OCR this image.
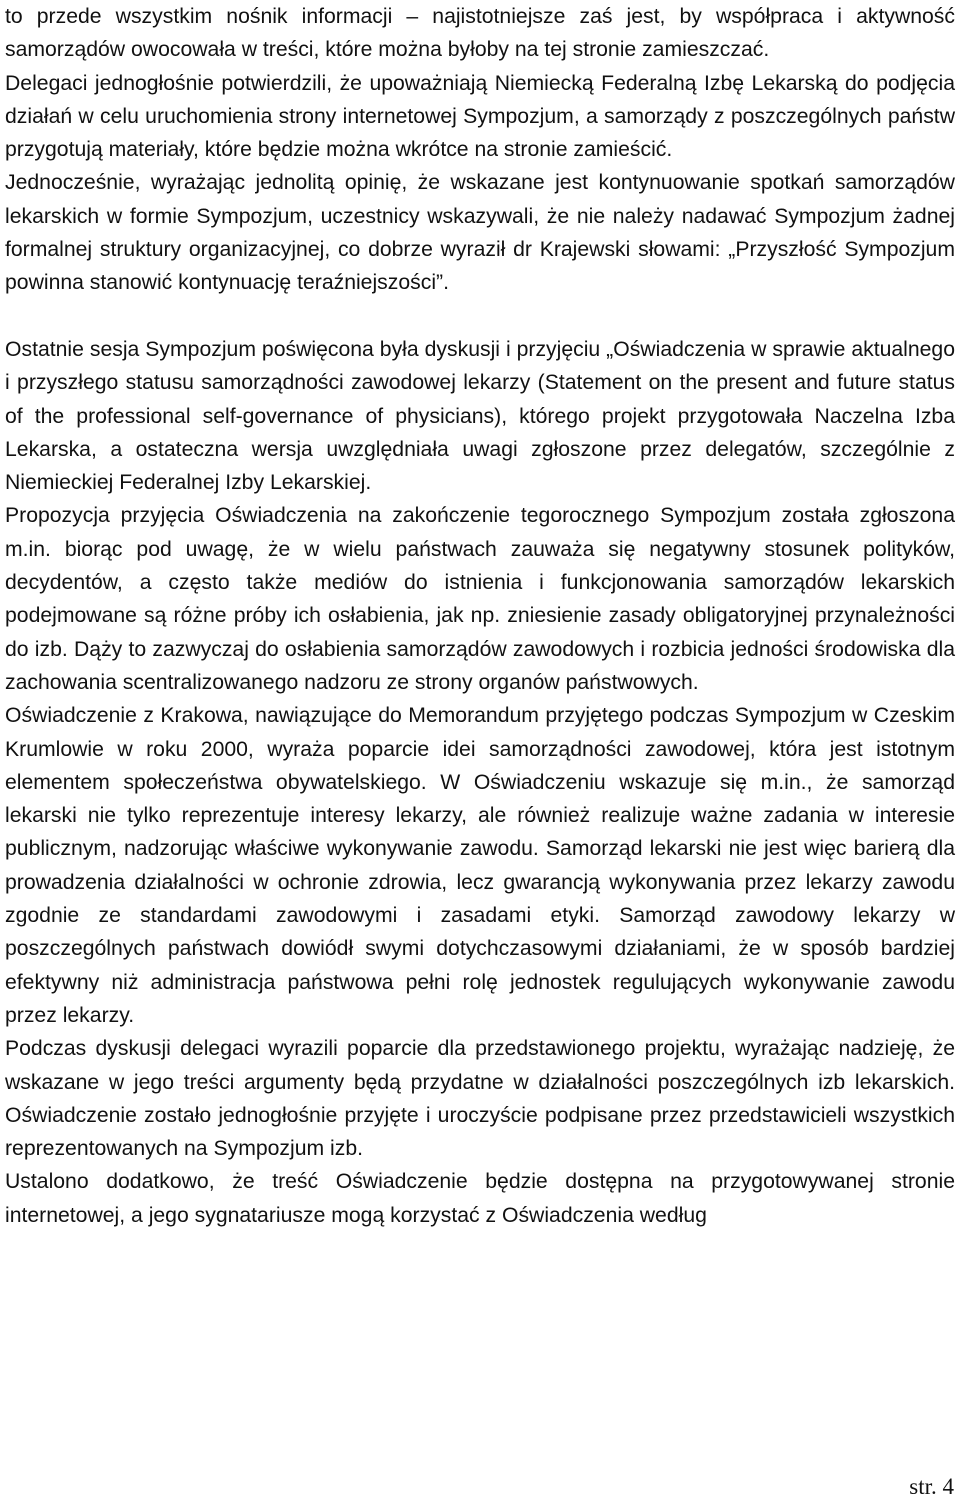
to przede wszystkim nośnik informacji – najistotniejsze zaś jest, by współpraca i aktywność samorządów owocowała w treści, które można byłoby na tej stronie zamieszczać.

Delegaci jednogłośnie potwierdzili, że upoważniają Niemiecką Federalną Izbę Lekarską do podjęcia działań w celu uruchomienia strony internetowej Sympozjum, a samorządy z poszczególnych państw przygotują materiały, które będzie można wkrótce na stronie zamieścić.

Jednocześnie, wyrażając jednolitą opinię, że wskazane jest kontynuowanie spotkań samorządów lekarskich w formie Sympozjum, uczestnicy wskazywali, że nie należy nadawać Sympozjum żadnej formalnej struktury organizacyjnej, co dobrze wyraził dr Krajewski słowami: „Przyszłość Sympozjum powinna stanowić kontynuację teraźniejszości”.

Ostatnie sesja Sympozjum poświęcona była dyskusji i przyjęciu „Oświadczenia w sprawie aktualnego i przyszłego statusu samorządności zawodowej lekarzy (Statement on the present and future status of the professional self-governance of physicians), którego projekt przygotowała Naczelna Izba Lekarska, a ostateczna wersja uwzględniała uwagi zgłoszone przez delegatów, szczególnie z Niemieckiej Federalnej Izby Lekarskiej.

Propozycja przyjęcia Oświadczenia na zakończenie tegorocznego Sympozjum została zgłoszona m.in. biorąc pod uwagę, że w wielu państwach zauważa się negatywny stosunek polityków, decydentów, a często także mediów do istnienia i funkcjonowania samorządów lekarskich podejmowane są różne próby ich osłabienia, jak np. zniesienie zasady obligatoryjnej przynależności do izb. Dąży to zazwyczaj do osłabienia samorządów zawodowych i rozbicia jedności środowiska dla zachowania scentralizowanego nadzoru ze strony organów państwowych.

Oświadczenie z Krakowa, nawiązujące do Memorandum przyjętego podczas Sympozjum w Czeskim Krumlowie w roku 2000, wyraża poparcie idei samorządności zawodowej, która jest istotnym elementem społeczeństwa obywatelskiego. W Oświadczeniu wskazuje się m.in., że samorząd lekarski nie tylko reprezentuje interesy lekarzy, ale również realizuje ważne zadania w interesie publicznym, nadzorując właściwe wykonywanie zawodu. Samorząd lekarski nie jest więc barierą dla prowadzenia działalności w ochronie zdrowia, lecz gwarancją wykonywania przez lekarzy zawodu zgodnie ze standardami zawodowymi i zasadami etyki. Samorząd zawodowy lekarzy w poszczególnych państwach dowiódł swymi dotychczasowymi działaniami, że w sposób bardziej efektywny niż administracja państwowa pełni rolę jednostek regulujących wykonywanie zawodu przez lekarzy.

Podczas dyskusji delegaci wyrazili poparcie dla przedstawionego projektu, wyrażając nadzieję, że wskazane w jego treści argumenty będą przydatne w działalności poszczególnych izb lekarskich. Oświadczenie zostało jednogłośnie przyjęte i uroczyście podpisane przez przedstawicieli wszystkich reprezentowanych na Sympozjum izb.

Ustalono dodatkowo, że treść Oświadczenie będzie dostępna na przygotowywanej stronie internetowej, a jego sygnatariusze mogą korzystać z Oświadczenia według

str. 4
